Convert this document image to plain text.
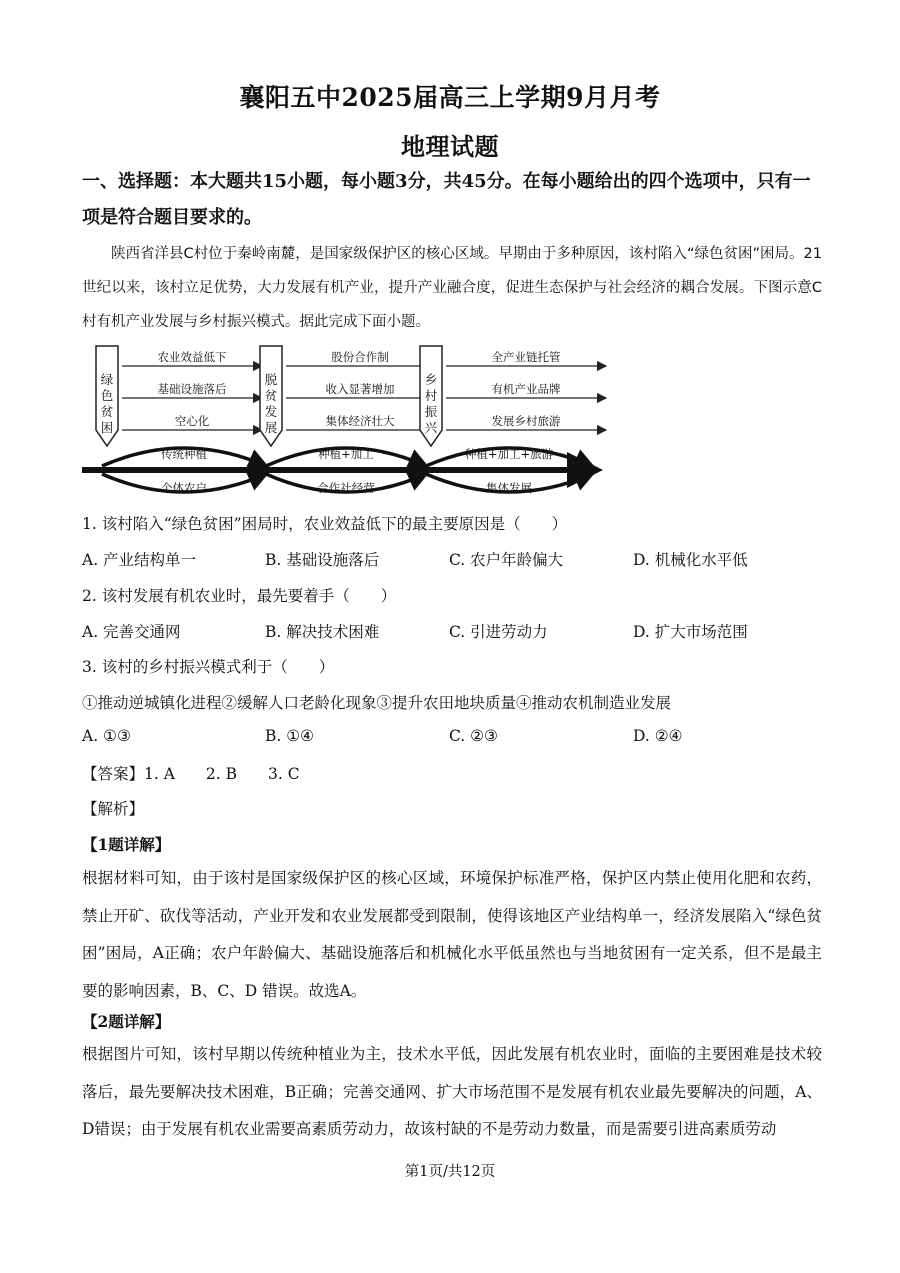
襄阳五中2025届高三上学期9月月考
地理试题
一、选择题：本大题共15小题，每小题3分，共45分。在每小题给出的四个选项中，只有一项是符合题目要求的。
陕西省洋县C村位于秦岭南麓，是国家级保护区的核心区域。早期由于多种原因，该村陷入“绿色贫困”困局。21世纪以来，该村立足优势，大力发展有机产业，提升产业融合度，促进生态保护与社会经济的耦合发展。下图示意C村有机产业发展与乡村振兴模式。据此完成下面小题。
绿
色
贫
困
农业效益低下
基础设施落后
空心化
传统种植
个体农户
脱
贫
发
展
股份合作制
收入显著增加
集体经济壮大
种植+加工
合作社经营
乡
村
振
兴
全产业链托管
有机产业品牌
发展乡村旅游
种植+加工+旅游
集体发展
1. 该村陷入“绿色贫困”困局时，农业效益低下的最主要原因是（　　）
A. 产业结构单一	B. 基础设施落后	C. 农户年龄偏大	D. 机械化水平低
2. 该村发展有机农业时，最先要着手（　　）
A. 完善交通网	B. 解决技术困难	C. 引进劳动力	D. 扩大市场范围
3. 该村的乡村振兴模式利于（　　）
①推动逆城镇化进程②缓解人口老龄化现象③提升农田地块质量④推动农机制造业发展
A. ①③	B. ①④	C. ②③	D. ②④
【答案】1. A　　2. B　　3. C
【解析】
【1题详解】
根据材料可知，由于该村是国家级保护区的核心区域，环境保护标准严格，保护区内禁止使用化肥和农药，禁止开矿、砍伐等活动，产业开发和农业发展都受到限制，使得该地区产业结构单一，经济发展陷入“绿色贫困”困局，A正确；农户年龄偏大、基础设施落后和机械化水平低虽然也与当地贫困有一定关系，但不是最主要的影响因素，B、C、D 错误。故选A。
【2题详解】
根据图片可知，该村早期以传统种植业为主，技术水平低，因此发展有机农业时，面临的主要困难是技术较落后，最先要解决技术困难，B正确；完善交通网、扩大市场范围不是发展有机农业最先要解决的问题，A、D错误；由于发展有机农业需要高素质劳动力，故该村缺的不是劳动力数量，而是需要引进高素质劳动
第1页/共12页
